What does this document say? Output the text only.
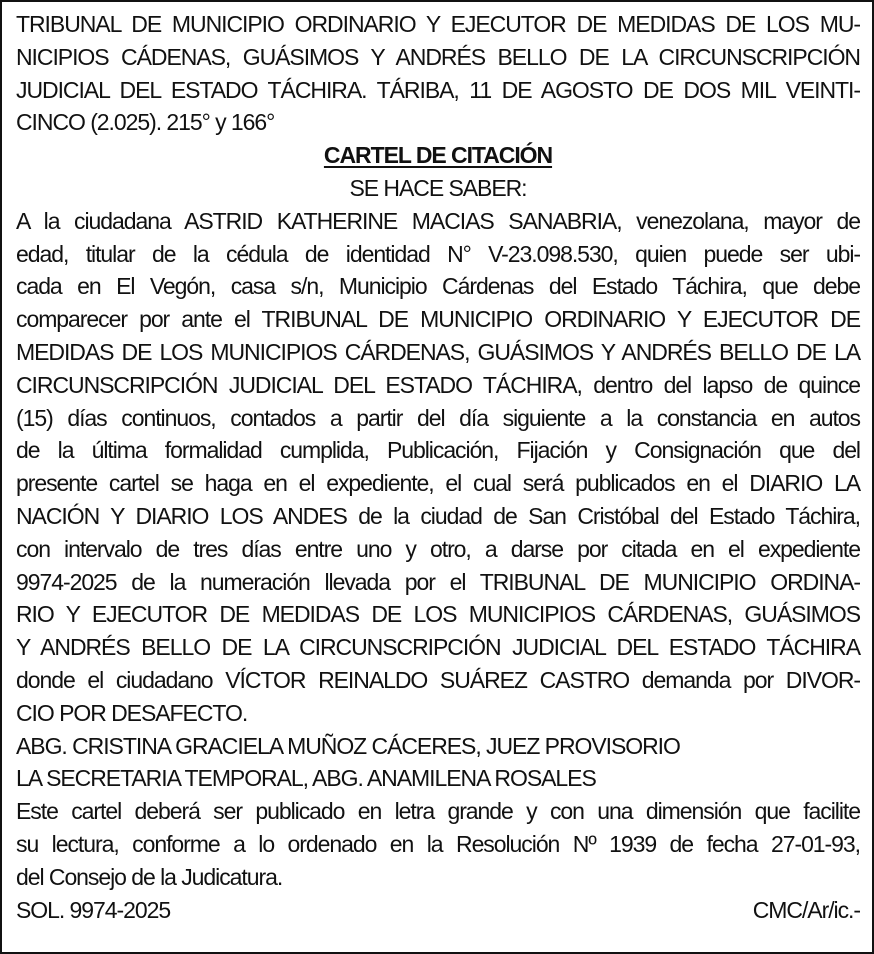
TRIBUNAL DE MUNICIPIO ORDINARIO Y EJECUTOR DE MEDIDAS DE LOS MU-
NICIPIOS CÁDENAS, GUÁSIMOS Y ANDRÉS BELLO DE LA CIRCUNSCRIPCIÓN
JUDICIAL DEL ESTADO TÁCHIRA. TÁRIBA, 11 DE AGOSTO DE DOS MIL VEINTI-
CINCO (2.025). 215° y 166°
CARTEL DE CITACIÓN
SE HACE SABER:
A la ciudadana ASTRID KATHERINE MACIAS SANABRIA, venezolana, mayor de
edad, titular de la cédula de identidad N° V-23.098.530, quien puede ser ubi-
cada en El Vegón, casa s/n, Municipio Cárdenas del Estado Táchira, que debe
comparecer por ante el TRIBUNAL DE MUNICIPIO ORDINARIO Y EJECUTOR DE
MEDIDAS DE LOS MUNICIPIOS CÁRDENAS, GUÁSIMOS Y ANDRÉS BELLO DE LA
CIRCUNSCRIPCIÓN JUDICIAL DEL ESTADO TÁCHIRA, dentro del lapso de quince
(15) días continuos, contados a partir del día siguiente a la constancia en autos
de la última formalidad cumplida, Publicación, Fijación y Consignación que del
presente cartel se haga en el expediente, el cual será publicados en el DIARIO LA
NACIÓN Y DIARIO LOS ANDES de la ciudad de San Cristóbal del Estado Táchira,
con intervalo de tres días entre uno y otro, a darse por citada en el expediente
9974-2025 de la numeración llevada por el TRIBUNAL DE MUNICIPIO ORDINA-
RIO Y EJECUTOR DE MEDIDAS DE LOS MUNICIPIOS CÁRDENAS, GUÁSIMOS
Y ANDRÉS BELLO DE LA CIRCUNSCRIPCIÓN JUDICIAL DEL ESTADO TÁCHIRA
donde el ciudadano VÍCTOR REINALDO SUÁREZ CASTRO demanda por DIVOR-
CIO POR DESAFECTO.
ABG. CRISTINA GRACIELA MUÑOZ CÁCERES, JUEZ PROVISORIO
LA SECRETARIA TEMPORAL, ABG. ANAMILENA ROSALES
Este cartel deberá ser publicado en letra grande y con una dimensión que facilite
su lectura, conforme a lo ordenado en la Resolución Nº 1939 de fecha 27-01-93,
del Consejo de la Judicatura.
SOL. 9974-2025	CMC/Ar/ic.-
